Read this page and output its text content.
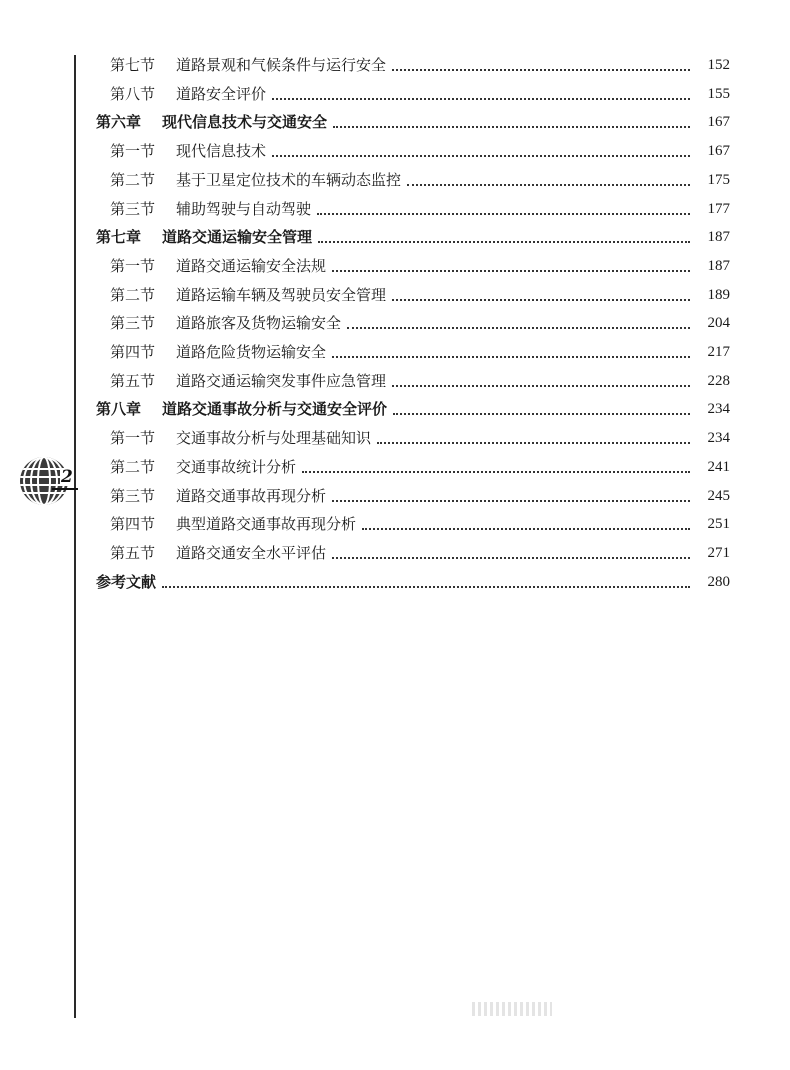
2
第七节	道路景观和气候条件与运行安全	152
第八节	道路安全评价	155
第六章	现代信息技术与交通安全	167
第一节	现代信息技术	167
第二节	基于卫星定位技术的车辆动态监控	175
第三节	辅助驾驶与自动驾驶	177
第七章	道路交通运输安全管理	187
第一节	道路交通运输安全法规	187
第二节	道路运输车辆及驾驶员安全管理	189
第三节	道路旅客及货物运输安全	204
第四节	道路危险货物运输安全	217
第五节	道路交通运输突发事件应急管理	228
第八章	道路交通事故分析与交通安全评价	234
第一节	交通事故分析与处理基础知识	234
第二节	交通事故统计分析	241
第三节	道路交通事故再现分析	245
第四节	典型道路交通事故再现分析	251
第五节	道路交通安全水平评估	271
参考文献	280
